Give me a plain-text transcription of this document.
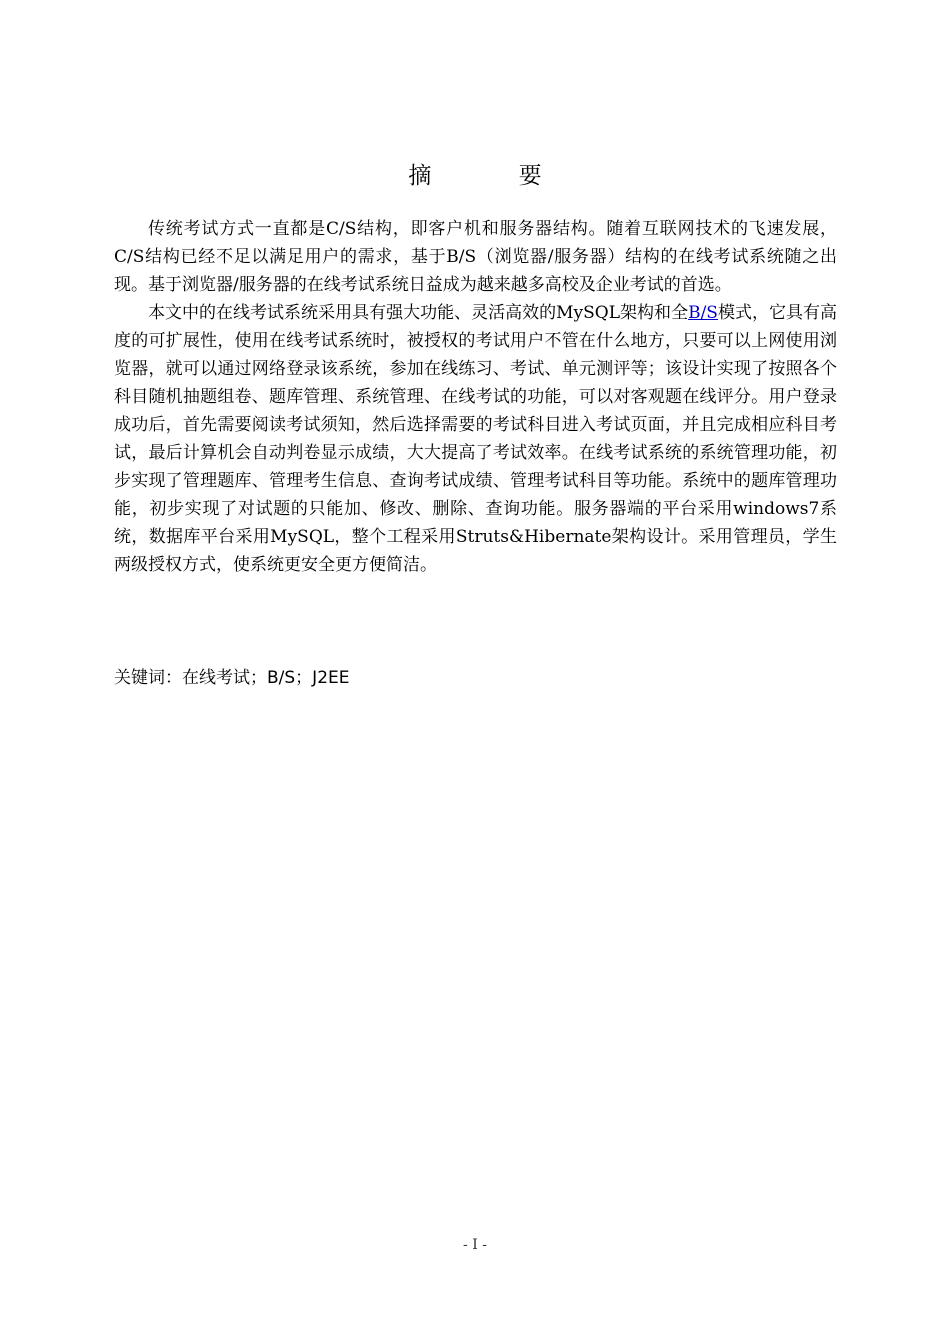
摘 要

传统考试方式一直都是C/S结构，即客户机和服务器结构。随着互联网技术的飞速发展，C/S结构已经不足以满足用户的需求，基于B/S（浏览器/服务器）结构的在线考试系统随之出现。基于浏览器/服务器的在线考试系统日益成为越来越多高校及企业考试的首选。

本文中的在线考试系统采用具有强大功能、灵活高效的MySQL架构和全B/S模式，它具有高度的可扩展性，使用在线考试系统时，被授权的考试用户不管在什么地方，只要可以上网使用浏览器，就可以通过网络登录该系统，参加在线练习、考试、单元测评等；该设计实现了按照各个科目随机抽题组卷、题库管理、系统管理、在线考试的功能，可以对客观题在线评分。用户登录成功后，首先需要阅读考试须知，然后选择需要的考试科目进入考试页面，并且完成相应科目考试，最后计算机会自动判卷显示成绩，大大提高了考试效率。在线考试系统的系统管理功能，初步实现了管理题库、管理考生信息、查询考试成绩、管理考试科目等功能。系统中的题库管理功能，初步实现了对试题的只能加、修改、删除、查询功能。服务器端的平台采用windows7系统，数据库平台采用MySQL，整个工程采用Struts&Hibernate架构设计。采用管理员，学生两级授权方式，使系统更安全更方便简洁。

关键词：在线考试；B/S；J2EE
- I -
